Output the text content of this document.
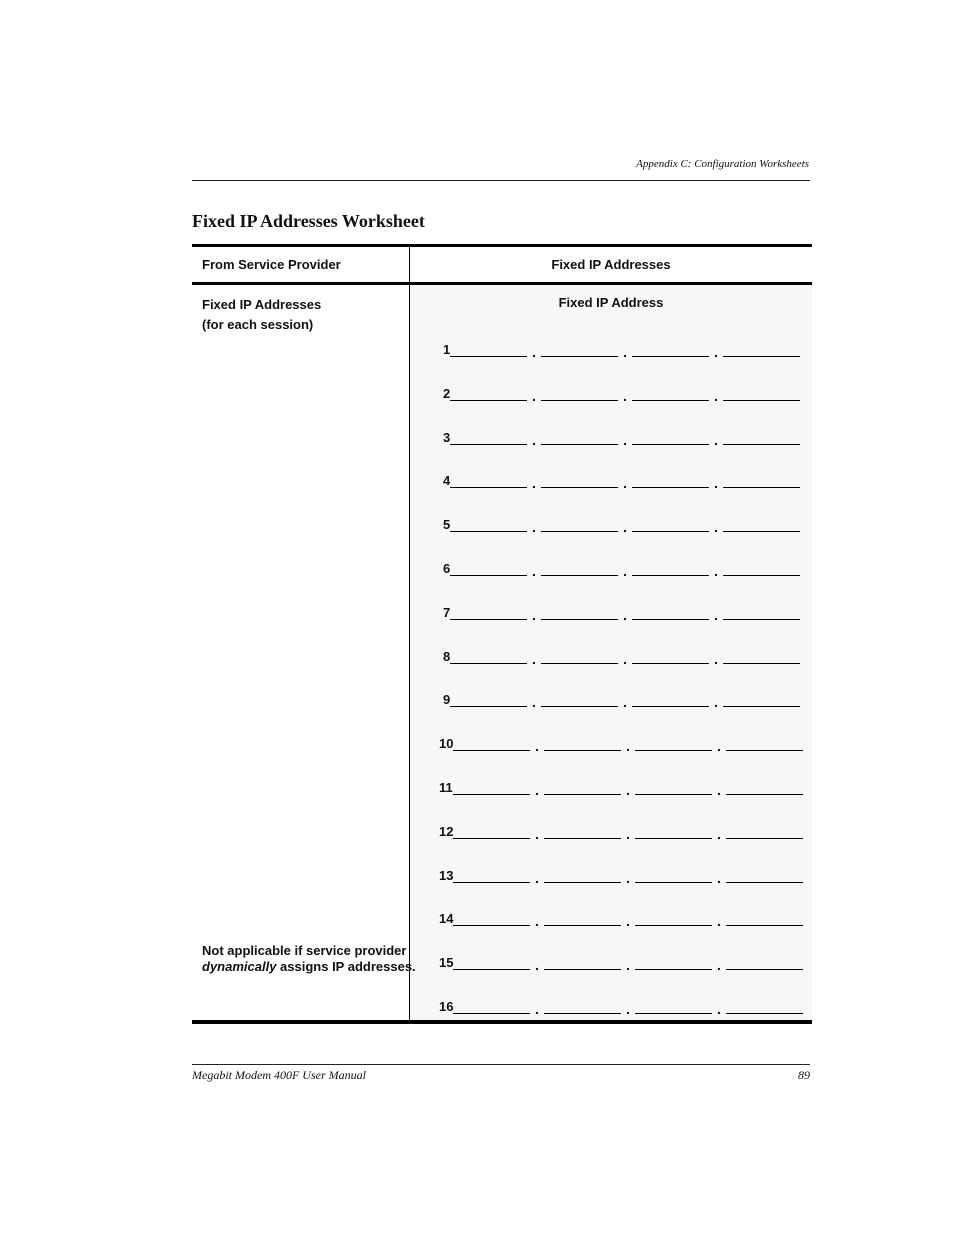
Appendix C: Configuration Worksheets
Fixed IP Addresses Worksheet
From Service Provider	Fixed IP Addresses
Fixed IP Addresses
(for each session)
Fixed IP Address
1	.	.	.
2	.	.	.
3	.	.	.
4	.	.	.
5	.	.	.
6	.	.	.
7	.	.	.
8	.	.	.
9	.	.	.
10	.	.	.
11	.	.	.
12	.	.	.
13	.	.	.
14	.	.	.
15	.	.	.
16	.	.	.
Not applicable if service provider
dynamically assigns IP addresses.
Megabit Modem 400F User Manual	89
